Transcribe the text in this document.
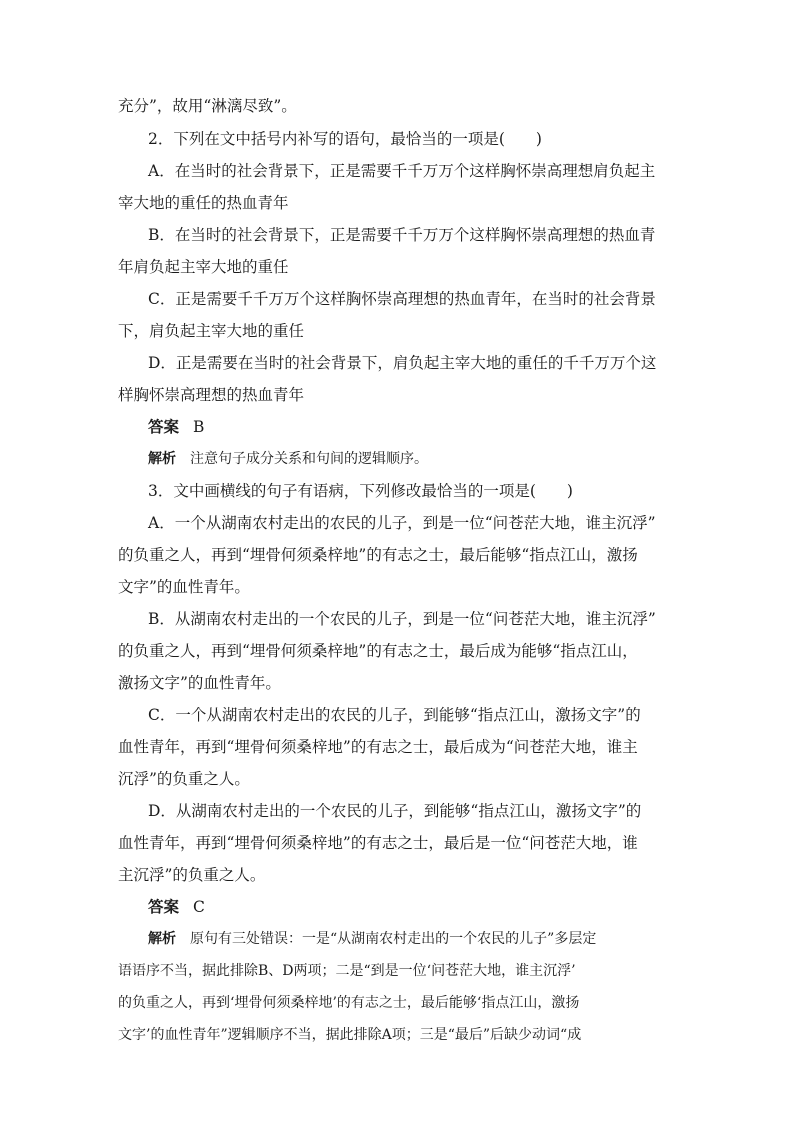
充分”，故用“淋漓尽致”。

2．下列在文中括号内补写的语句，最恰当的一项是(　　)

A．在当时的社会背景下，正是需要千千万万个这样胸怀崇高理想肩负起主

宰大地的重任的热血青年

B．在当时的社会背景下，正是需要千千万万个这样胸怀崇高理想的热血青

年肩负起主宰大地的重任

C．正是需要千千万万个这样胸怀崇高理想的热血青年，在当时的社会背景

下，肩负起主宰大地的重任

D．正是需要在当时的社会背景下，肩负起主宰大地的重任的千千万万个这

样胸怀崇高理想的热血青年

答案 B

解析 注意句子成分关系和句间的逻辑顺序。

3．文中画横线的句子有语病，下列修改最恰当的一项是(　　)

A．一个从湖南农村走出的农民的儿子，到是一位“问苍茫大地，谁主沉浮”

的负重之人，再到“埋骨何须桑梓地”的有志之士，最后能够“指点江山，激扬

文字”的血性青年。

B．从湖南农村走出的一个农民的儿子，到是一位“问苍茫大地，谁主沉浮”

的负重之人，再到“埋骨何须桑梓地”的有志之士，最后成为能够“指点江山，

激扬文字”的血性青年。

C．一个从湖南农村走出的农民的儿子，到能够“指点江山，激扬文字”的

血性青年，再到“埋骨何须桑梓地”的有志之士，最后成为“问苍茫大地，谁主

沉浮”的负重之人。

D．从湖南农村走出的一个农民的儿子，到能够“指点江山，激扬文字”的

血性青年，再到“埋骨何须桑梓地”的有志之士，最后是一位“问苍茫大地，谁

主沉浮”的负重之人。

答案 C

解析 原句有三处错误：一是“从湖南农村走出的一个农民的儿子”多层定

语语序不当，据此排除B、D两项；二是“到是一位‘问苍茫大地，谁主沉浮’

的负重之人，再到‘埋骨何须桑梓地’的有志之士，最后能够‘指点江山，激扬

文字’的血性青年”逻辑顺序不当，据此排除A项；三是“最后”后缺少动词“成
